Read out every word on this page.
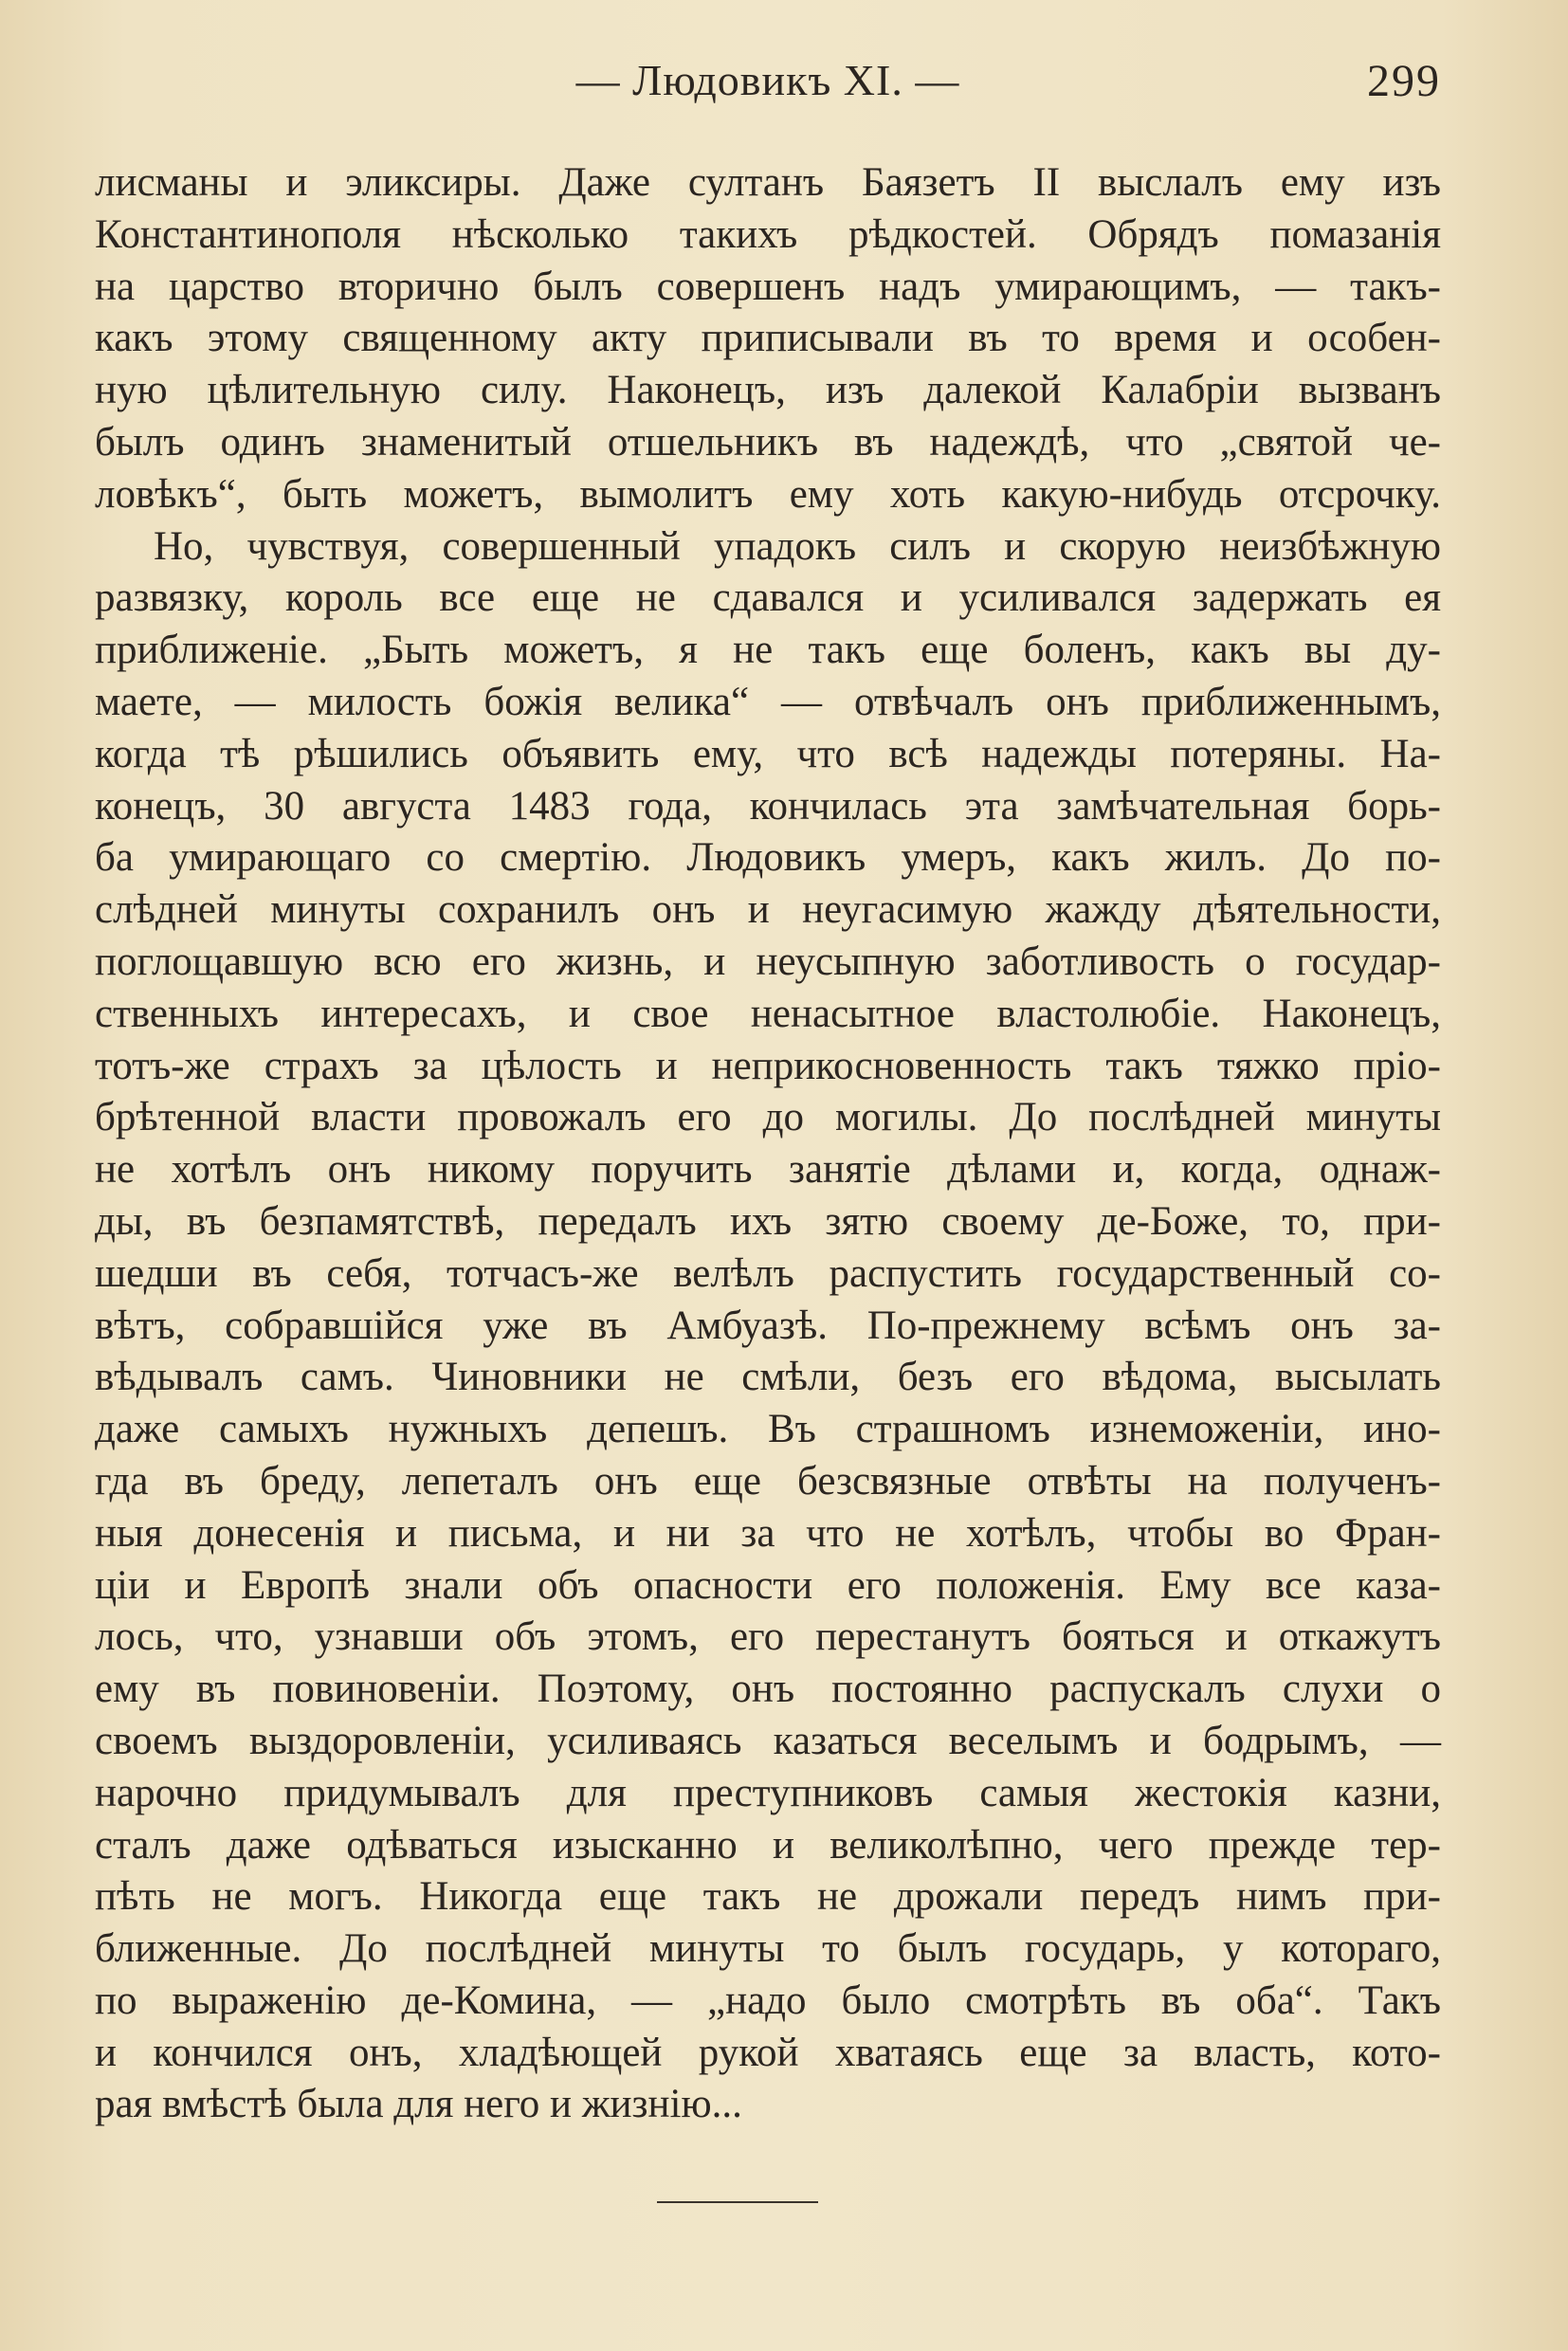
— Людовикъ XI. —	299
лисманы и эликсиры. Даже султанъ Баязетъ II выслалъ ему изъ
Константинополя нѣсколько такихъ рѣдкостей. Обрядъ помазанія
на царство вторично былъ совершенъ надъ умирающимъ, — такъ-
какъ этому священному акту приписывали въ то время и особен-
ную цѣлительную силу. Наконецъ, изъ далекой Калабріи вызванъ
былъ одинъ знаменитый отшельникъ въ надеждѣ, что „святой че-
ловѣкъ“, быть можетъ, вымолитъ ему хоть какую-нибудь отсрочку.
Но, чувствуя, совершенный упадокъ силъ и скорую неизбѣжную
развязку, король все еще не сдавался и усиливался задержать ея
приближеніе. „Быть можетъ, я не такъ еще боленъ, какъ вы ду-
маете, — милость божія велика“ — отвѣчалъ онъ приближеннымъ,
когда тѣ рѣшились объявить ему, что всѣ надежды потеряны. На-
конецъ, 30 августа 1483 года, кончилась эта замѣчательная борь-
ба умирающаго со смертію. Людовикъ умеръ, какъ жилъ. До по-
слѣдней минуты сохранилъ онъ и неугасимую жажду дѣятельности,
поглощавшую всю его жизнь, и неусыпную заботливость о государ-
ственныхъ интересахъ, и свое ненасытное властолюбіе. Наконецъ,
тотъ-же страхъ за цѣлость и неприкосновенность такъ тяжко пріо-
брѣтенной власти провожалъ его до могилы. До послѣдней минуты
не хотѣлъ онъ никому поручить занятіе дѣлами и, когда, однаж-
ды, въ безпамятствѣ, передалъ ихъ зятю своему де-Боже, то, при-
шедши въ себя, тотчасъ-же велѣлъ распустить государственный со-
вѣтъ, собравшійся уже въ Амбуазѣ. По-прежнему всѣмъ онъ за-
вѣдывалъ самъ. Чиновники не смѣли, безъ его вѣдома, высылать
даже самыхъ нужныхъ депешъ. Въ страшномъ изнеможеніи, ино-
гда въ бреду, лепеталъ онъ еще безсвязные отвѣты на полученъ-
ныя донесенія и письма, и ни за что не хотѣлъ, чтобы во Фран-
ціи и Европѣ знали объ опасности его положенія. Ему все каза-
лось, что, узнавши объ этомъ, его перестанутъ бояться и откажутъ
ему въ повиновеніи. Поэтому, онъ постоянно распускалъ слухи о
своемъ выздоровленіи, усиливаясь казаться веселымъ и бодрымъ, —
нарочно придумывалъ для преступниковъ самыя жестокія казни,
сталъ даже одѣваться изысканно и великолѣпно, чего прежде тер-
пѣть не могъ. Никогда еще такъ не дрожали передъ нимъ при-
ближенные. До послѣдней минуты то былъ государь, у котораго,
по выраженію де-Комина, — „надо было смотрѣть въ оба“. Такъ
и кончился онъ, хладѣющей рукой хватаясь еще за власть, кото-
рая вмѣстѣ была для него и жизнію...
